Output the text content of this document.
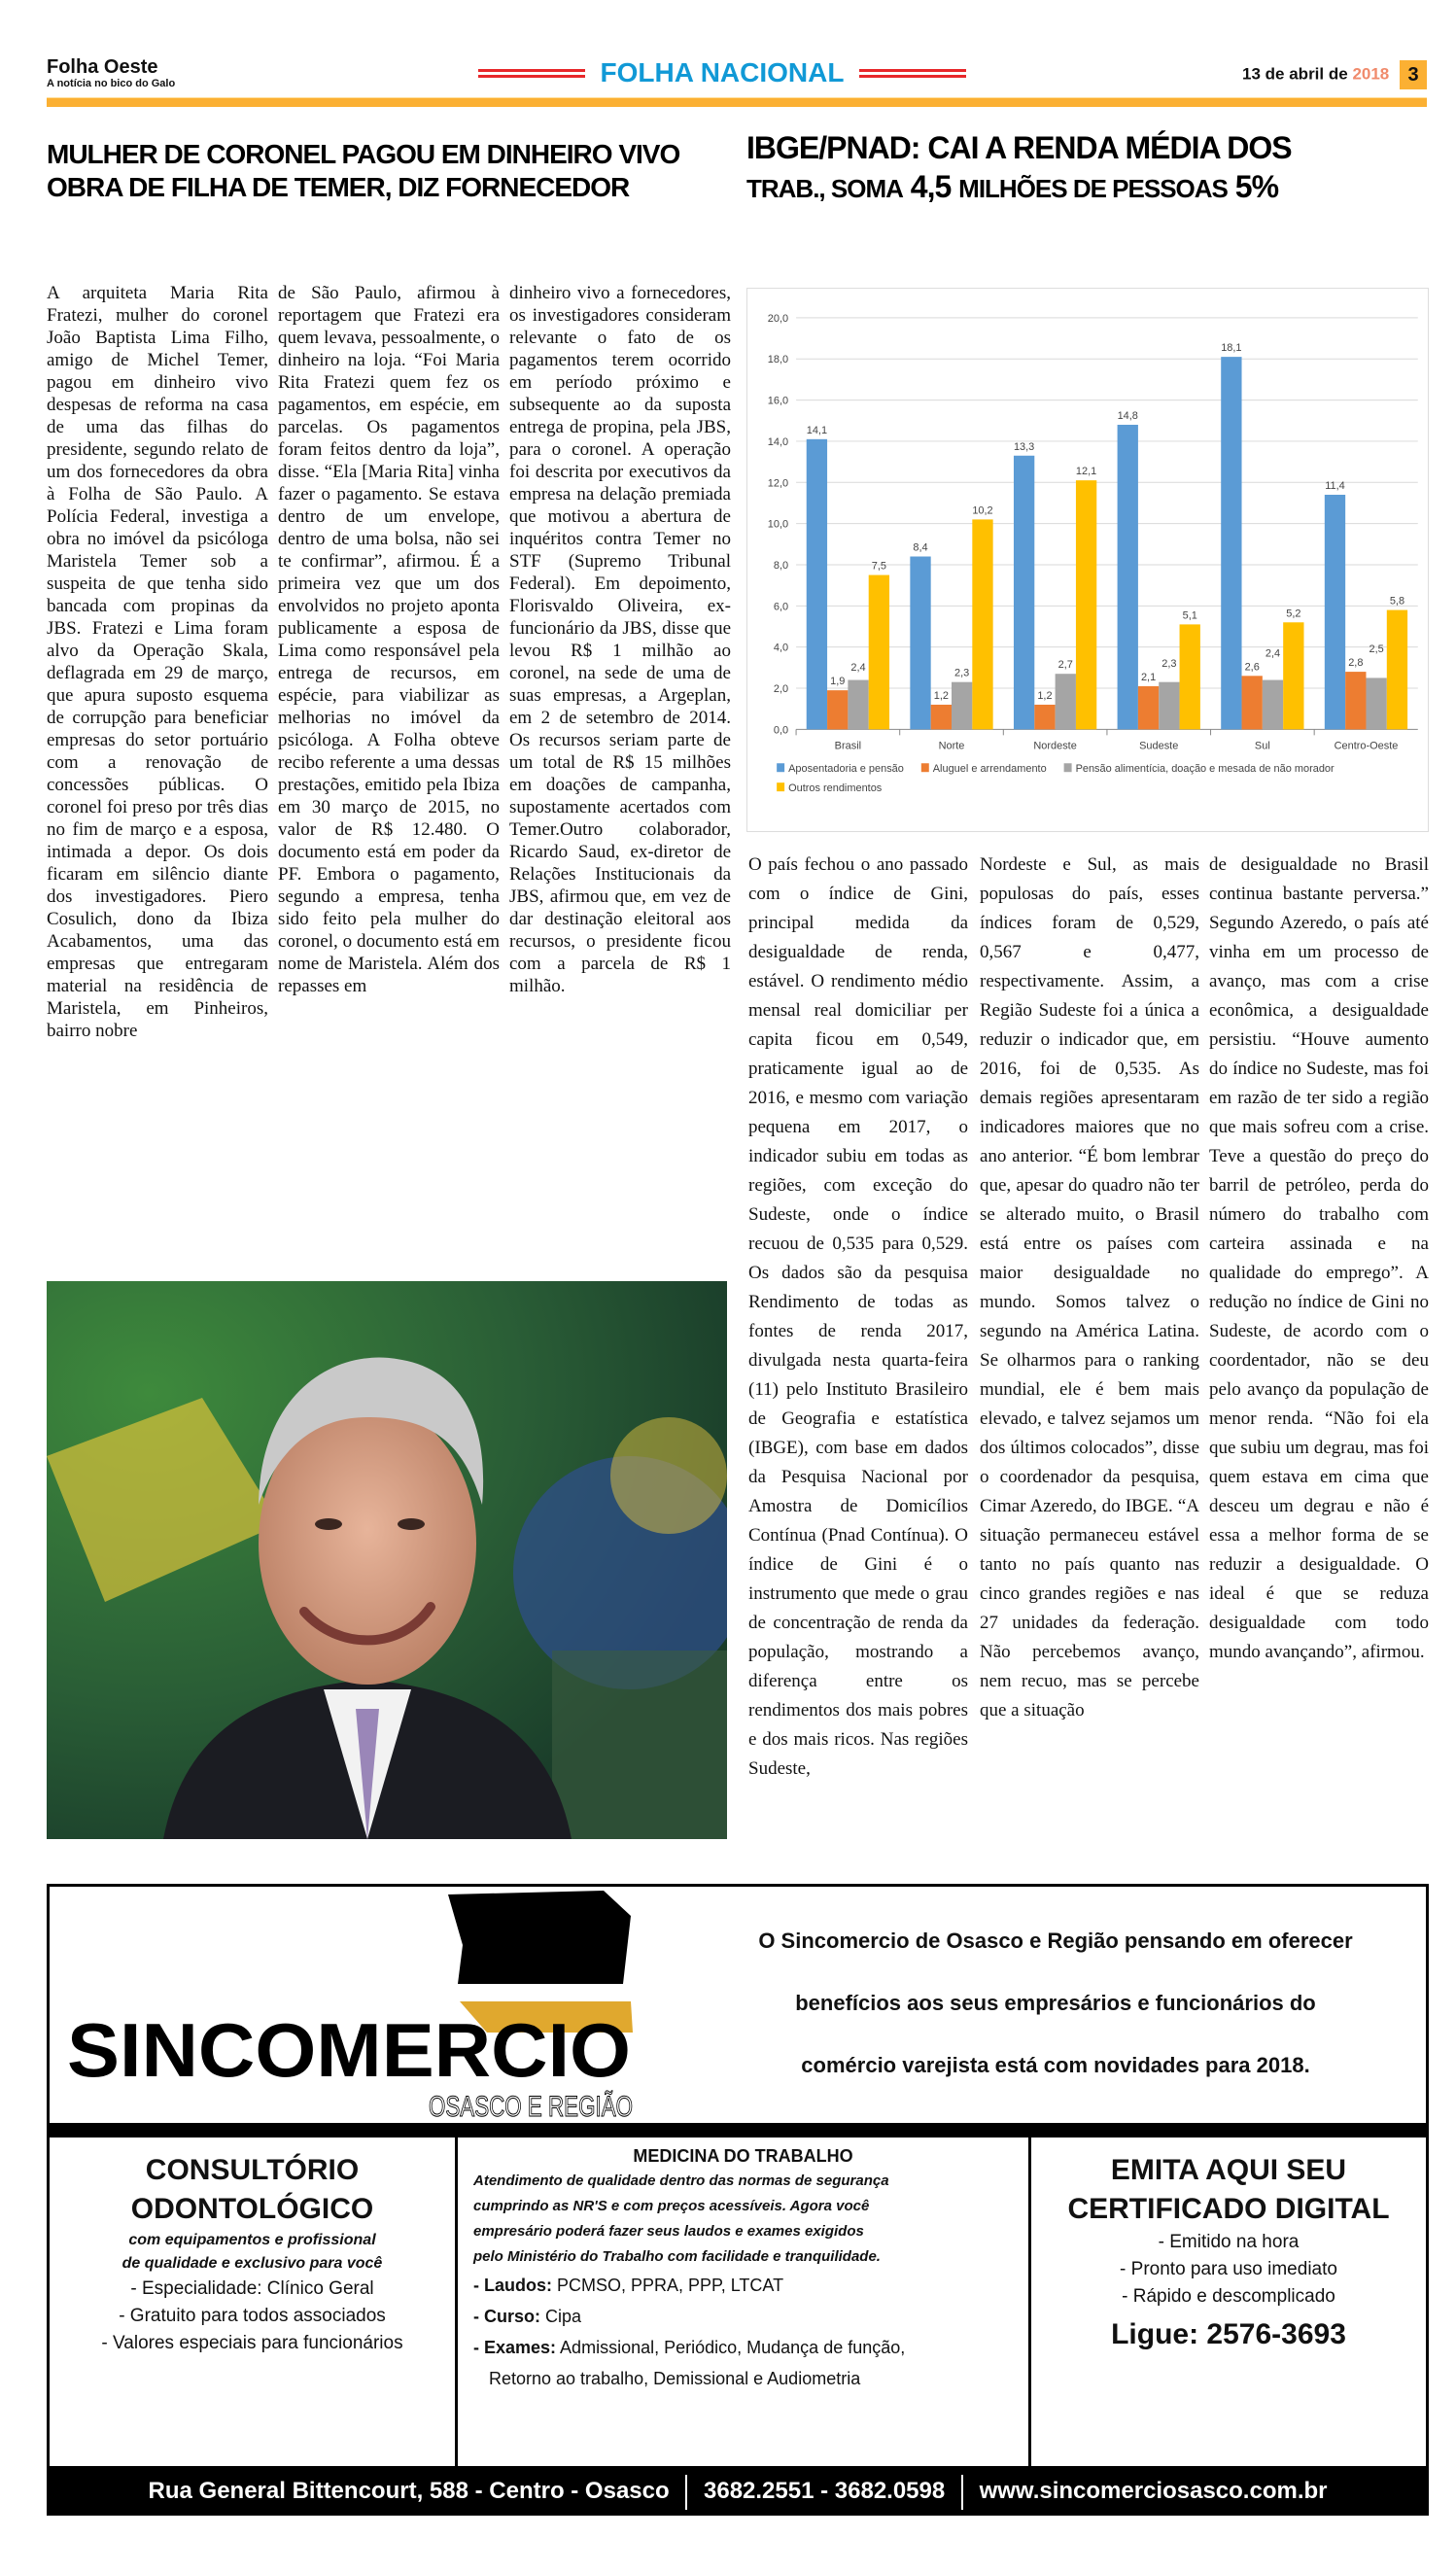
Folha Oeste
A notícia no bico do Galo	FOLHA NACIONAL	13 de abril de 2018 3
MULHER DE CORONEL PAGOU EM DINHEIRO VIVO OBRA DE FILHA DE TEMER, DIZ FORNECEDOR
A arquiteta Maria Rita Fratezi, mulher do coronel João Baptista Lima Filho, amigo de Michel Temer, pagou em dinheiro vivo despesas de reforma na casa de uma das filhas do presidente, segundo relato de um dos fornecedores da obra à Folha de São Paulo. A Polícia Federal, investiga a obra no imóvel da psicóloga Maristela Temer sob a suspeita de que tenha sido bancada com propinas da JBS. Fratezi e Lima foram alvo da Operação Skala, deflagrada em 29 de março, que apura suposto esquema de corrupção para beneficiar empresas do setor portuário com a renovação de concessões públicas. O coronel foi preso por três dias no fim de março e a esposa, intimada a depor. Os dois ficaram em silêncio diante dos investigadores. Piero Cosulich, dono da Ibiza Acabamentos, uma das empresas que entregaram material na residência de Maristela, em Pinheiros, bairro nobre
de São Paulo, afirmou à reportagem que Fratezi era quem levava, pessoalmente, o dinheiro na loja. “Foi Maria Rita Fratezi quem fez os pagamentos, em espécie, em parcelas. Os pagamentos foram feitos dentro da loja”, disse. “Ela [Maria Rita] vinha fazer o pagamento. Se estava dentro de um envelope, dentro de uma bolsa, não sei te confirmar”, afirmou. É a primeira vez que um dos envolvidos no projeto aponta publicamente a esposa de Lima como responsável pela entrega de recursos, em espécie, para viabilizar as melhorias no imóvel da psicóloga. A Folha obteve recibo referente a uma dessas prestações, emitido pela Ibiza em 30 março de 2015, no valor de R$ 12.480. O documento está em poder da PF. Embora o pagamento, segundo a empresa, tenha sido feito pela mulher do coronel, o documento está em nome de Maristela. Além dos repasses em
dinheiro vivo a fornecedores, os investigadores consideram relevante o fato de os pagamentos terem ocorrido em período próximo e subsequente ao da suposta entrega de propina, pela JBS, para o coronel. A operação foi descrita por executivos da empresa na delação premiada que motivou a abertura de inquéritos contra Temer no STF (Supremo Tribunal Federal). Em depoimento, Florisvaldo Oliveira, ex-funcionário da JBS, disse que levou R$ 1 milhão ao coronel, na sede de uma de suas empresas, a Argeplan, em 2 de setembro de 2014. Os recursos seriam parte de um total de R$ 15 milhões em doações de campanha, supostamente acertados com Temer.Outro colaborador, Ricardo Saud, ex-diretor de Relações Institucionais da JBS, afirmou que, em vez de dar destinação eleitoral aos recursos, o presidente ficou com a parcela de R$ 1 milhão.
IBGE/PNAD: CAI A RENDA MÉDIA DOS
TRAB., SOMA 4,5 MILHÕES DE PESSOAS 5%
0,0
2,0
4,0
6,0
8,0
10,0
12,0
14,0
16,0
18,0
20,0
14,1
1,9
2,4
7,5
Brasil
8,4
1,2
2,3
10,2
Norte
13,3
1,2
2,7
12,1
Nordeste
14,8
2,1
2,3
5,1
Sudeste
18,1
2,6
2,4
5,2
Sul
11,4
2,8
2,5
5,8
Centro-Oeste
Aposentadoria e pensão	Aluguel e arrendamento	Pensão alimentícia, doação e mesada de não morador
Outros rendimentos
O país fechou o ano passado com o índice de Gini, principal medida da desigualdade de renda, estável. O rendimento médio mensal real domiciliar per capita ficou em 0,549, praticamente igual ao de 2016, e mesmo com variação pequena em 2017, o indicador subiu em todas as regiões, com exceção do Sudeste, onde o índice recuou de 0,535 para 0,529. Os dados são da pesquisa Rendimento de todas as fontes de renda 2017, divulgada nesta quarta-feira (11) pelo Instituto Brasileiro de Geografia e estatística (IBGE), com base em dados da Pesquisa Nacional por Amostra de Domicílios Contínua (Pnad Contínua). O índice de Gini é o instrumento que mede o grau de concentração de renda da população, mostrando a diferença entre os rendimentos dos mais pobres e dos mais ricos. Nas regiões Sudeste,
Nordeste e Sul, as mais populosas do país, esses índices foram de 0,529, 0,567 e 0,477, respectivamente. Assim, a Região Sudeste foi a única a reduzir o indicador que, em 2016, foi de 0,535. As demais regiões apresentaram indicadores maiores que no ano anterior. “É bom lembrar que, apesar do quadro não ter se alterado muito, o Brasil está entre os países com maior desigualdade no mundo. Somos talvez o segundo na América Latina. Se olharmos para o ranking mundial, ele é bem mais elevado, e talvez sejamos um dos últimos colocados”, disse o coordenador da pesquisa, Cimar Azeredo, do IBGE. “A situação permaneceu estável tanto no país quanto nas cinco grandes regiões e nas 27 unidades da federação. Não percebemos avanço, nem recuo, mas se percebe que a situação
de desigualdade no Brasil continua bastante perversa.” Segundo Azeredo, o país até vinha em um processo de avanço, mas com a crise econômica, a desigualdade persistiu. “Houve aumento do índice no Sudeste, mas foi em razão de ter sido a região que mais sofreu com a crise. Teve a questão do preço do barril de petróleo, perda do número do trabalho com carteira assinada e na qualidade do emprego”. A redução no índice de Gini no Sudeste, de acordo com o coordentador, não se deu pelo avanço da população de menor renda. “Não foi ela que subiu um degrau, mas foi quem estava em cima que desceu um degrau e não é essa a melhor forma de se reduzir a desigualdade. O ideal é que se reduza desigualdade com todo mundo avançando”, afirmou.
SINCOMERCIO
OSASCO E REGIÃO
O Sincomercio de Osasco e Região pensando em oferecer
benefícios aos seus empresários e funcionários do
comércio varejista está com novidades para 2018.
CONSULTÓRIO
ODONTOLÓGICO
com equipamentos e profissional
de qualidade e exclusivo para você
- Especialidade: Clínico Geral
- Gratuito para todos associados
- Valores especiais para funcionários
MEDICINA DO TRABALHO
Atendimento de qualidade dentro das normas de segurança
cumprindo as NR'S e com preços acessíveis. Agora você
empresário poderá fazer seus laudos e exames exigidos
pelo Ministério do Trabalho com facilidade e tranquilidade.
- Laudos: PCMSO, PPRA, PPP, LTCAT
- Curso: Cipa
- Exames: Admissional, Periódico, Mudança de função,
Retorno ao trabalho, Demissional e Audiometria
EMITA AQUI SEU
CERTIFICADO DIGITAL
- Emitido na hora
- Pronto para uso imediato
- Rápido e descomplicado
Ligue: 2576-3693
Rua General Bittencourt, 588 - Centro - Osasco 3682.2551 - 3682.0598 www.sincomerciosasco.com.br
